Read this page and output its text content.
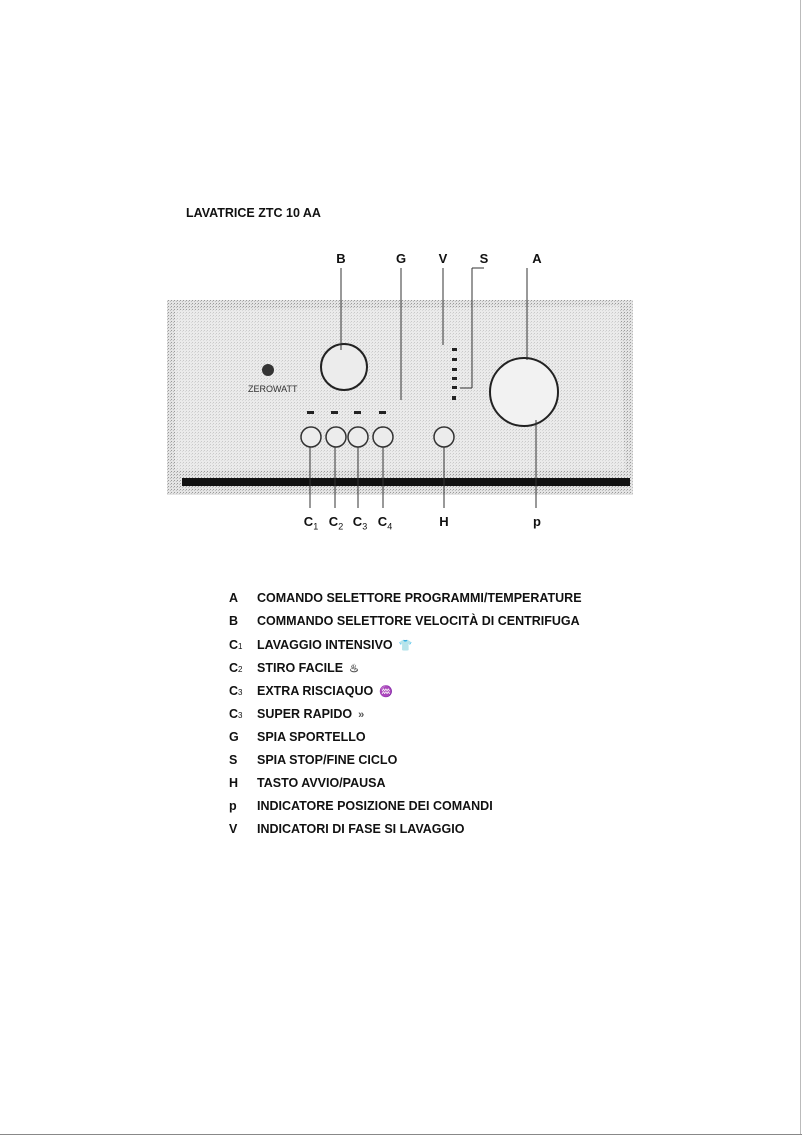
LAVATRICE ZTC 10 AA
B	G	V S	A
ZEROWATT
$C_1$ $C_2$ $C_3$ $C_4$	H	p
A COMANDO SELETTORE PROGRAMMI/TEMPERATURE
B COMMANDO SELETTORE VELOCITÀ DI CENTRIFUGA
C1 LAVAGGIO INTENSIVO 👕
C2 STIRO FACILE ♨
C3 EXTRA RISCIAQUO ♒
C3 SUPER RAPIDO »
G SPIA SPORTELLO
S SPIA STOP/FINE CICLO
H TASTO AVVIO/PAUSA
p INDICATORE POSIZIONE DEI COMANDI
V INDICATORI DI FASE SI LAVAGGIO
